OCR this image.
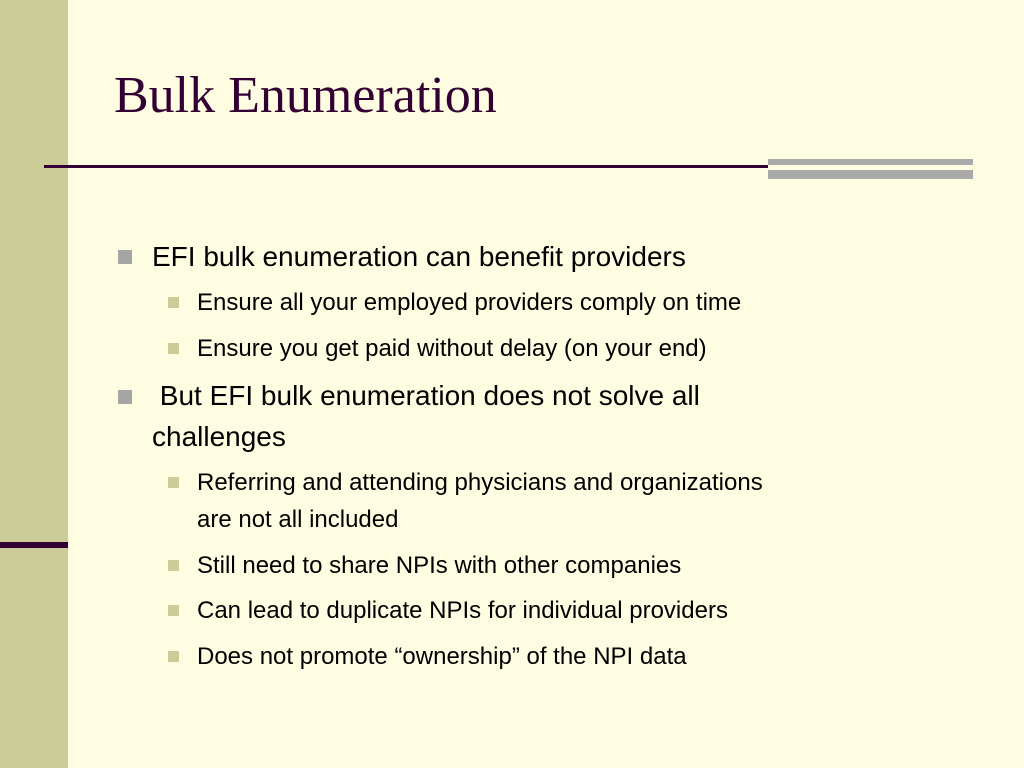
Bulk Enumeration
EFI bulk enumeration can benefit providers
Ensure all your employed providers comply on time
Ensure you get paid without delay (on your end)
But EFI bulk enumeration does not solve all
challenges
Referring and attending physicians and organizations
are not all included
Still need to share NPIs with other companies
Can lead to duplicate NPIs for individual providers
Does not promote “ownership” of the NPI data
